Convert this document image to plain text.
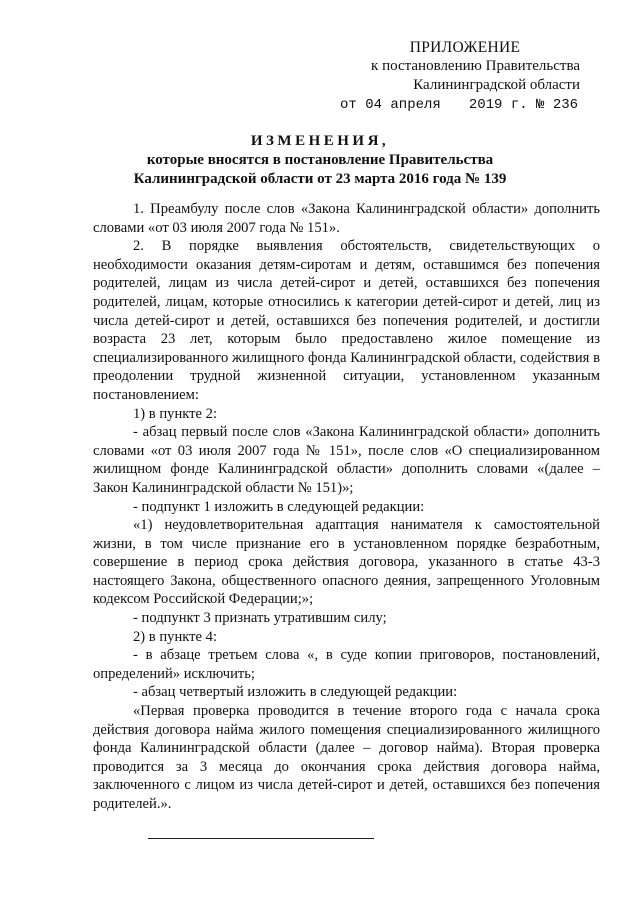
ПРИЛОЖЕНИЕ
к постановлению Правительства
Калининградской области
от 04 апреля 2019 г. № 236
ИЗМЕНЕНИЯ,
которые вносятся в постановление Правительства
Калининградской области от 23 марта 2016 года № 139

1. Преамбулу после слов «Закона Калининградской области» дополнить словами «от 03 июля 2007 года № 151».

2. В порядке выявления обстоятельств, свидетельствующих о необходимости оказания детям-сиротам и детям, оставшимся без попечения родителей, лицам из числа детей-сирот и детей, оставшихся без попечения родителей, лицам, которые относились к категории детей-сирот и детей, лиц из числа детей-сирот и детей, оставшихся без попечения родителей, и достигли возраста 23 лет, которым было предоставлено жилое помещение из специализированного жилищного фонда Калининградской области, содействия в преодолении трудной жизненной ситуации, установленном указанным постановлением:

1) в пункте 2:

- абзац первый после слов «Закона Калининградской области» дополнить словами «от 03 июля 2007 года № 151», после слов «О специализированном жилищном фонде Калининградской области» дополнить словами «(далее – Закон Калининградской области № 151)»;

- подпункт 1 изложить в следующей редакции:

«1) неудовлетворительная адаптация нанимателя к самостоятельной жизни, в том числе признание его в установленном порядке безработным, совершение в период срока действия договора, указанного в статье 43-3 настоящего Закона, общественного опасного деяния, запрещенного Уголовным кодексом Российской Федерации;»;

- подпункт 3 признать утратившим силу;

2) в пункте 4:

- в абзаце третьем слова «, в суде копии приговоров, постановлений, определений» исключить;

- абзац четвертый изложить в следующей редакции:

«Первая проверка проводится в течение второго года с начала срока действия договора найма жилого помещения специализированного жилищного фонда Калининградской области (далее – договор найма). Вторая проверка проводится за 3 месяца до окончания срока действия договора найма, заключенного с лицом из числа детей-сирот и детей, оставшихся без попечения родителей.».
